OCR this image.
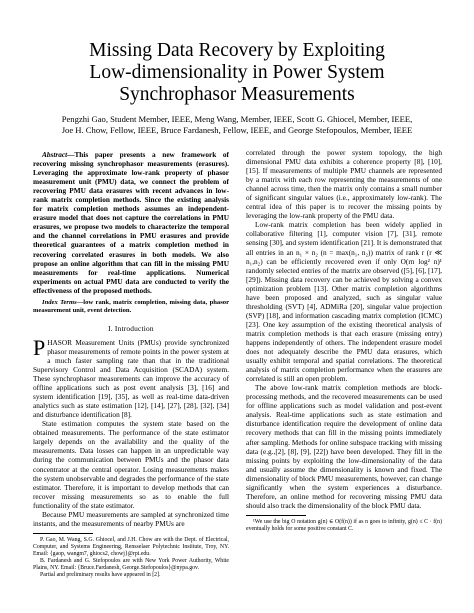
Missing Data Recovery by Exploiting
Low-dimensionality in Power System
Synchrophasor Measurements
Pengzhi Gao, Student Member, IEEE, Meng Wang, Member, IEEE, Scott G. Ghiocel, Member, IEEE,
Joe H. Chow, Fellow, IEEE, Bruce Fardanesh, Fellow, IEEE, and George Stefopoulos, Member, IEEE

Abstract—This paper presents a new framework of recovering missing synchrophasor measurements (erasures). Leveraging the approximate low-rank property of phasor measurement unit (PMU) data, we connect the problem of recovering PMU data erasures with recent advances in low-rank matrix completion methods. Since the existing analysis for matrix completion methods assumes an independent-erasure model that does not capture the correlations in PMU erasures, we propose two models to characterize the temporal and the channel correlations in PMU erasures and provide theoretical guarantees of a matrix completion method in recovering correlated erasures in both models. We also propose an online algorithm that can fill in the missing PMU measurements for real-time applications. Numerical experiments on actual PMU data are conducted to verify the effectiveness of the proposed methods.

Index Terms—low rank, matrix completion, missing data, phasor measurement unit, event detection.

I. Introduction

PHASOR Measurement Units (PMUs) provide synchronized phasor measurements of remote points in the power system at a much faster sampling rate than that in the traditional Supervisory Control and Data Acquisition (SCADA) system. These synchrophasor measurements can improve the accuracy of offline applications such as post event analysis [3], [16] and system identification [19], [35], as well as real-time data-driven analytics such as state estimation [12], [14], [27], [28], [32], [34] and disturbance identification [8].

State estimation computes the system state based on the obtained measurements. The performance of the state estimator largely depends on the availability and the quality of the measurements. Data losses can happen in an unpredictable way during the communication between PMUs and the phasor data concentrator at the central operator. Losing measurements makes the system unobservable and degrades the performance of the state estimator. Therefore, it is important to develop methods that can recover missing measurements so as to enable the full functionality of the state estimator.

Because PMU measurements are sampled at synchronized time instants, and the measurements of nearby PMUs are

P. Gao, M. Wang, S.G. Ghiocel, and J.H. Chow are with the Dept. of Electrical, Computer, and Systems Engineering, Rensselaer Polytechnic Institute, Troy, NY. Email: {gaop, wangm7, ghiocs2, chowj}@rpi.edu.

B. Fardanesh and G. Stefopoulos are with New York Power Authority, White Plains, NY. Email: {Bruce.Fardanesh, George.Stefopoulos}@nypa.gov.

Partial and preliminary results have appeared in [2].

correlated through the power system topology, the high dimensional PMU data exhibits a coherence property [8], [10], [15]. If measurements of multiple PMU channels are represented by a matrix with each row representing the measurements of one channel across time, then the matrix only contains a small number of significant singular values (i.e., approximately low-rank). The central idea of this paper is to recover the missing points by leveraging the low-rank property of the PMU data.

Low-rank matrix completion has been widely applied in collaborative filtering [1], computer vision [7], [31], remote sensing [30], and system identification [21]. It is demonstrated that all entries in an n₁ × n₂ (n = max(n₁, n₂)) matrix of rank r (r ≪ n₁,n₂) can be efficiently recovered even if only O(rn log² n)¹ randomly selected entries of the matrix are observed ([5], [6], [17], [29]). Missing data recovery can be achieved by solving a convex optimization problem [13]. Other matrix completion algorithms have been proposed and analyzed, such as singular value thresholding (SVT) [4], ADMiRa [20], singular value projection (SVP) [18], and information cascading matrix completion (ICMC) [23]. One key assumption of the existing theoretical analysis of matrix completion methods is that each erasure (missing entry) happens independently of others. The independent erasure model does not adequately describe the PMU data erasures, which usually exhibit temporal and spatial correlations. The theoretical analysis of matrix completion performance when the erasures are correlated is still an open problem.

The above low-rank matrix completion methods are block-processing methods, and the recovered measurements can be used for offline applications such as model validation and post-event analysis. Real-time applications such as state estimation and disturbance identification require the development of online data recovery methods that can fill in the missing points immediately after sampling. Methods for online subspace tracking with missing data (e.g.,[2], [8], [9], [22]) have been developed. They fill in the missing points by exploiting the low-dimensionality of the data and usually assume the dimensionality is known and fixed. The dimensionality of block PMU measurements, however, can change significantly when the system experiences a disturbance. Therefore, an online method for recovering missing PMU data should also track the dimensionality of the block PMU data.

¹We use the big O notation g(n) ∈ O(f(n)) if as n goes to infinity, g(n) ≤ C · f(n) eventually holds for some positive constant C.
